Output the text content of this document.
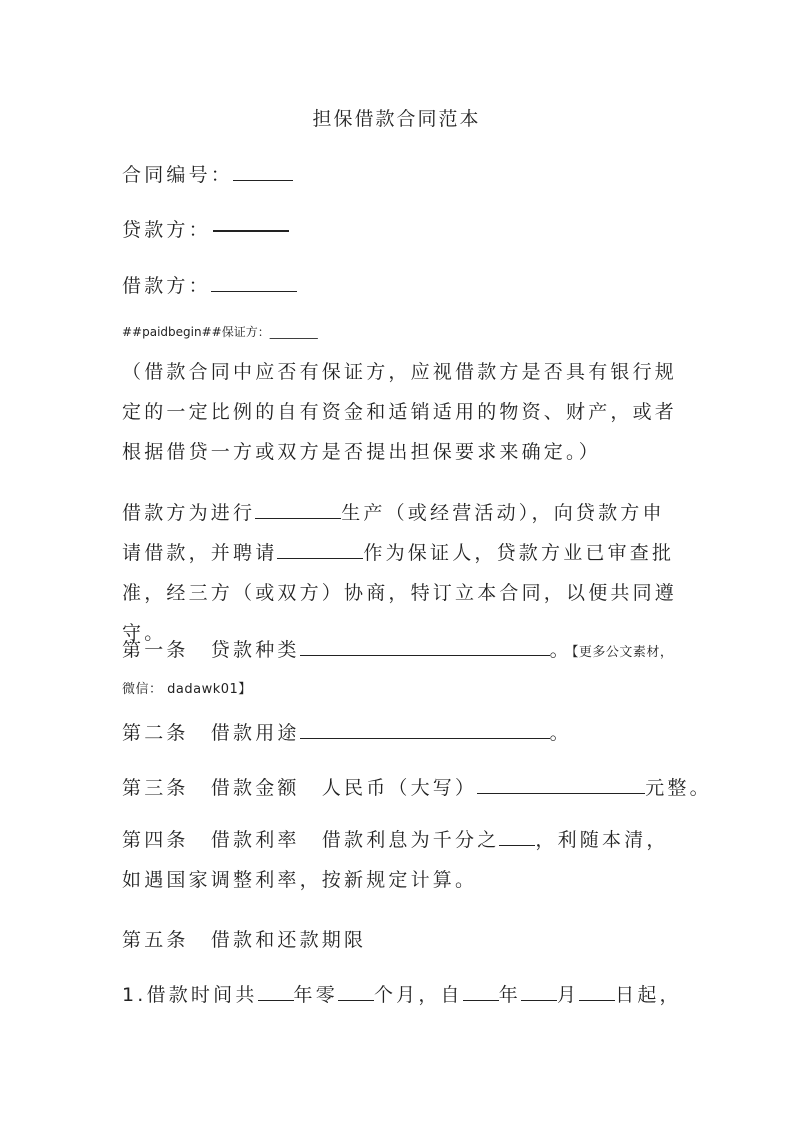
担保借款合同范本
合同编号：
贷款方：
借款方：
##paidbegin##保证方：________
（借款合同中应否有保证方，应视借款方是否具有银行规定的一定比例的自有资金和适销适用的物资、财产，或者根据借贷一方或双方是否提出担保要求来确定。）
借款方为进行	生产（或经营活动），向贷款方申请借款，并聘请	作为保证人，贷款方业已审查批准，经三方（或双方）协商，特订立本合同，以便共同遵守。
第一条　贷款种类	。【更多公文素材，微信： dadawk01】
第二条　借款用途	。
第三条　借款金额　人民币（大写）	元整。
第四条　借款利率　借款利息为千分之 ，利随本清，如遇国家调整利率，按新规定计算。
第五条　借款和还款期限
1.借款时间共 年零 个月，自 年 月 日起，
